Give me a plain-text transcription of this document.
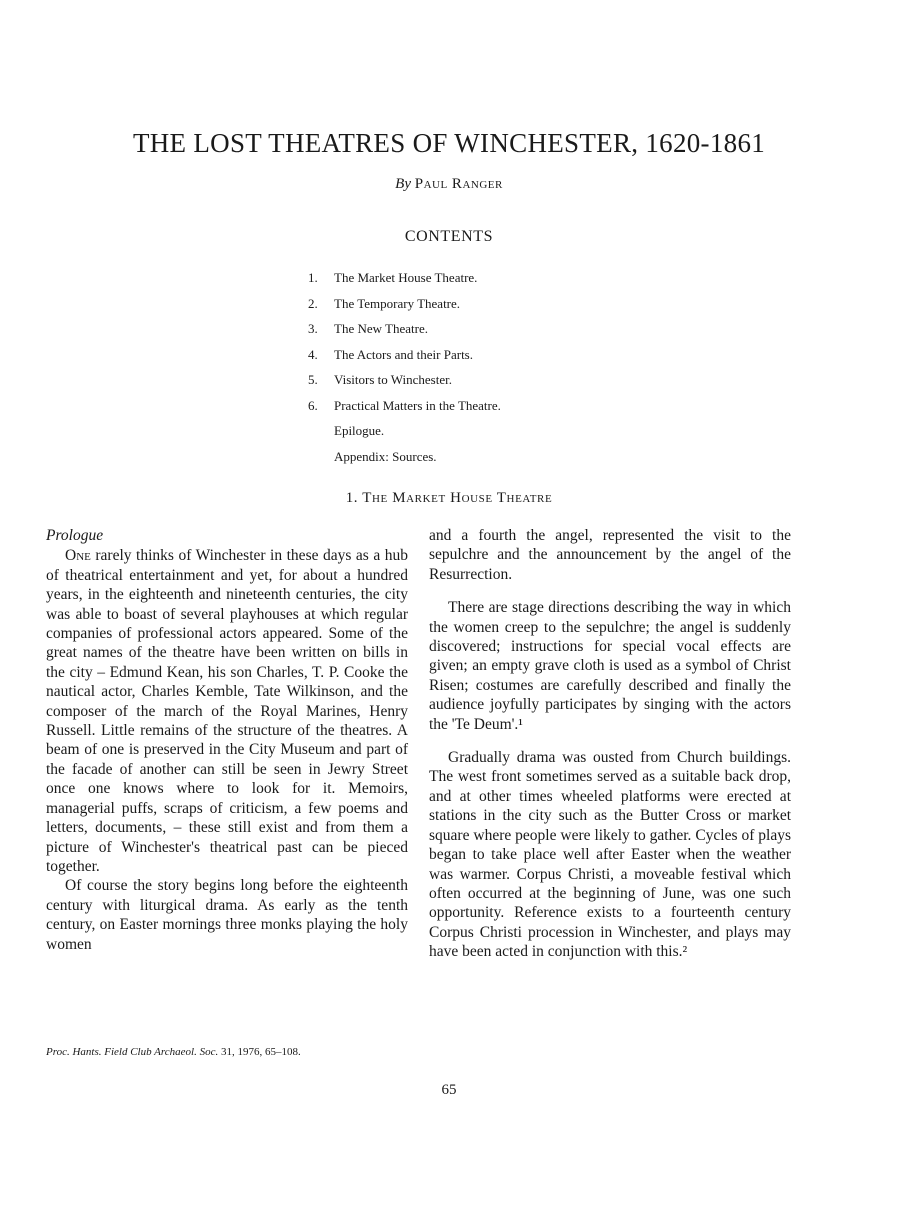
THE LOST THEATRES OF WINCHESTER, 1620-1861
By Paul Ranger
CONTENTS
1.	The Market House Theatre.
2.	The Temporary Theatre.
3.	The New Theatre.
4.	The Actors and their Parts.
5.	Visitors to Winchester.
6.	Practical Matters in the Theatre.
Epilogue.
Appendix: Sources.
1. The Market House Theatre

Prologue

One rarely thinks of Winchester in these days as a hub of theatrical entertainment and yet, for about a hundred years, in the eighteenth and nineteenth centuries, the city was able to boast of several playhouses at which regular companies of professional actors appeared. Some of the great names of the theatre have been written on bills in the city – Edmund Kean, his son Charles, T. P. Cooke the nautical actor, Charles Kemble, Tate Wilkinson, and the composer of the march of the Royal Marines, Henry Russell. Little remains of the structure of the theatres. A beam of one is preserved in the City Museum and part of the facade of another can still be seen in Jewry Street once one knows where to look for it. Memoirs, managerial puffs, scraps of criticism, a few poems and letters, documents, – these still exist and from them a picture of Winchester's theatrical past can be pieced together.

Of course the story begins long before the eighteenth century with liturgical drama. As early as the tenth century, on Easter mornings three monks playing the holy women

and a fourth the angel, represented the visit to the sepulchre and the announcement by the angel of the Resurrection.

There are stage directions describing the way in which the women creep to the sepulchre; the angel is suddenly discovered; instructions for special vocal effects are given; an empty grave cloth is used as a symbol of Christ Risen; costumes are carefully described and finally the audience joyfully participates by singing with the actors the 'Te Deum'.¹

Gradually drama was ousted from Church buildings. The west front sometimes served as a suitable back drop, and at other times wheeled platforms were erected at stations in the city such as the Butter Cross or market square where people were likely to gather. Cycles of plays began to take place well after Easter when the weather was warmer. Corpus Christi, a moveable festival which often occurred at the beginning of June, was one such opportunity. Reference exists to a fourteenth century Corpus Christi procession in Winchester, and plays may have been acted in conjunction with this.²

Proc. Hants. Field Club Archaeol. Soc. 31, 1976, 65–108.
65
